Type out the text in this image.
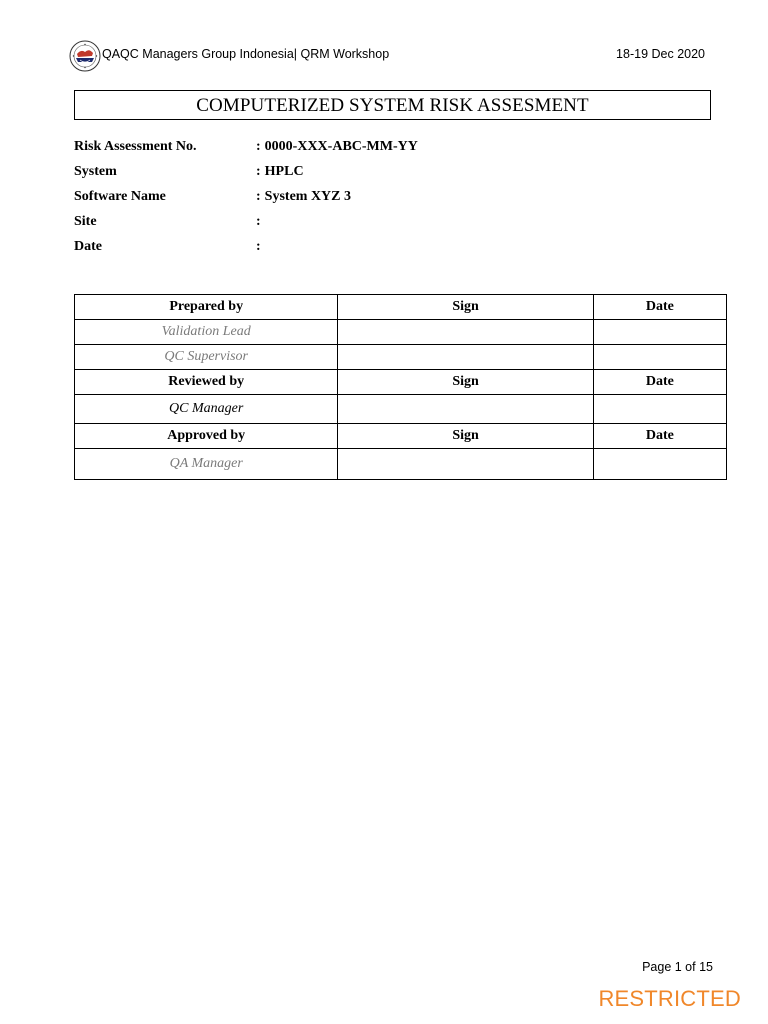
QAQC Managers Group Indonesia| QRM Workshop	18-19 Dec 2020
COMPUTERIZED SYSTEM RISK ASSESMENT
Risk Assessment No.	: 0000-XXX-ABC-MM-YY
System	: HPLC
Software Name	: System XYZ 3
Site	:
Date	:
Prepared by	Sign	Date
Validation Lead		
QC Supervisor		
Reviewed by	Sign	Date
QC Manager		
Approved by	Sign	Date
QA Manager		
Page 1 of 15
RESTRICTED
